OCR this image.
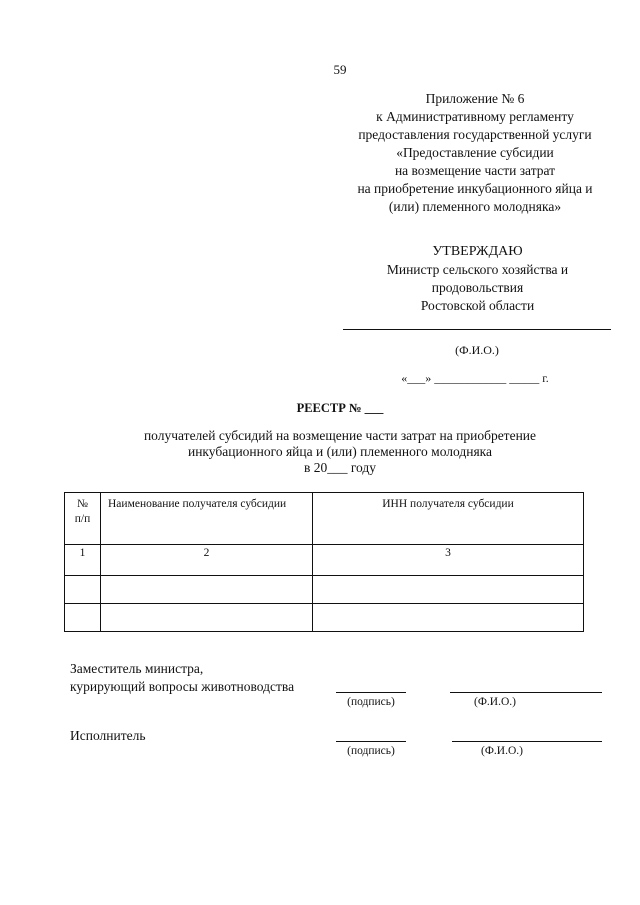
59
Приложение № 6
к Административному регламенту
предоставления государственной услуги
«Предоставление субсидии
на возмещение части затрат
на приобретение инкубационного яйца и
(или) племенного молодняка»
УТВЕРЖДАЮ
Министр сельского хозяйства и
продовольствия
Ростовской области
(Ф.И.О.)
«___» ____________ _____ г.
РЕЕСТР № ___
получателей субсидий на возмещение части затрат на приобретение
инкубационного яйца и (или) племенного молодняка
в 20___ году
№ п/п	Наименование получателя субсидии	ИНН получателя субсидии
1	2	3

Заместитель министра,
курирующий вопросы животноводства
(подпись)	(Ф.И.О.)
Исполнитель
(подпись)	(Ф.И.О.)
